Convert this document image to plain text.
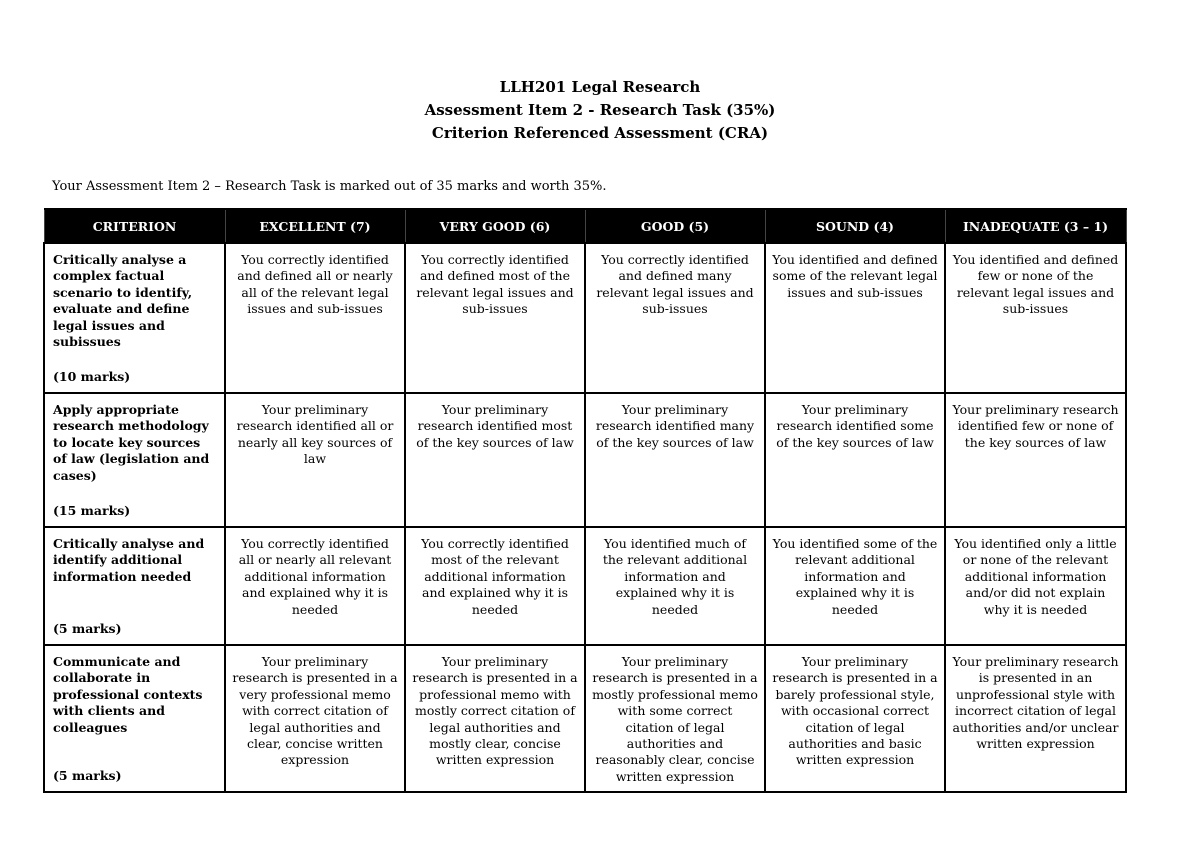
LLH201 Legal Research
Assessment Item 2 - Research Task (35%)
Criterion Referenced Assessment (CRA)
Your Assessment Item 2 – Research Task is marked out of 35 marks and worth 35%.
CRITERION	EXCELLENT (7)	VERY GOOD (6)	GOOD (5)	SOUND (4)	INADEQUATE (3 – 1)

Critically analyse a complex factual scenario to identify, evaluate and define legal issues and subissues
(10 marks)	You correctly identified and defined all or nearly all of the relevant legal issues and sub-issues	You correctly identified and defined most of the relevant legal issues and sub-issues	You correctly identified and defined many relevant legal issues and sub-issues	You identified and defined some of the relevant legal issues and sub-issues	You identified and defined few or none of the relevant legal issues and sub-issues

Apply appropriate research methodology to locate key sources of law (legislation and cases)
(15 marks)	Your preliminary research identified all or nearly all key sources of law	Your preliminary research identified most of the key sources of law	Your preliminary research identified many of the key sources of law	Your preliminary research identified some of the key sources of law	Your preliminary research identified few or none of the key sources of law

Critically analyse and identify additional information needed
(5 marks)	You correctly identified all or nearly all relevant additional information and explained why it is needed	You correctly identified most of the relevant additional information and explained why it is needed	You identified much of the relevant additional information and explained why it is needed	You identified some of the relevant additional information and explained why it is needed	You identified only a little or none of the relevant additional information and/or did not explain why it is needed

Communicate and collaborate in professional contexts with clients and colleagues
(5 marks)	Your preliminary research is presented in a very professional memo with correct citation of legal authorities and clear, concise written expression	Your preliminary research is presented in a professional memo with mostly correct citation of legal authorities and mostly clear, concise written expression	Your preliminary research is presented in a mostly professional memo with some correct citation of legal authorities and reasonably clear, concise written expression	Your preliminary research is presented in a barely professional style, with occasional correct citation of legal authorities and basic written expression	Your preliminary research is presented in an unprofessional style with incorrect citation of legal authorities and/or unclear written expression
